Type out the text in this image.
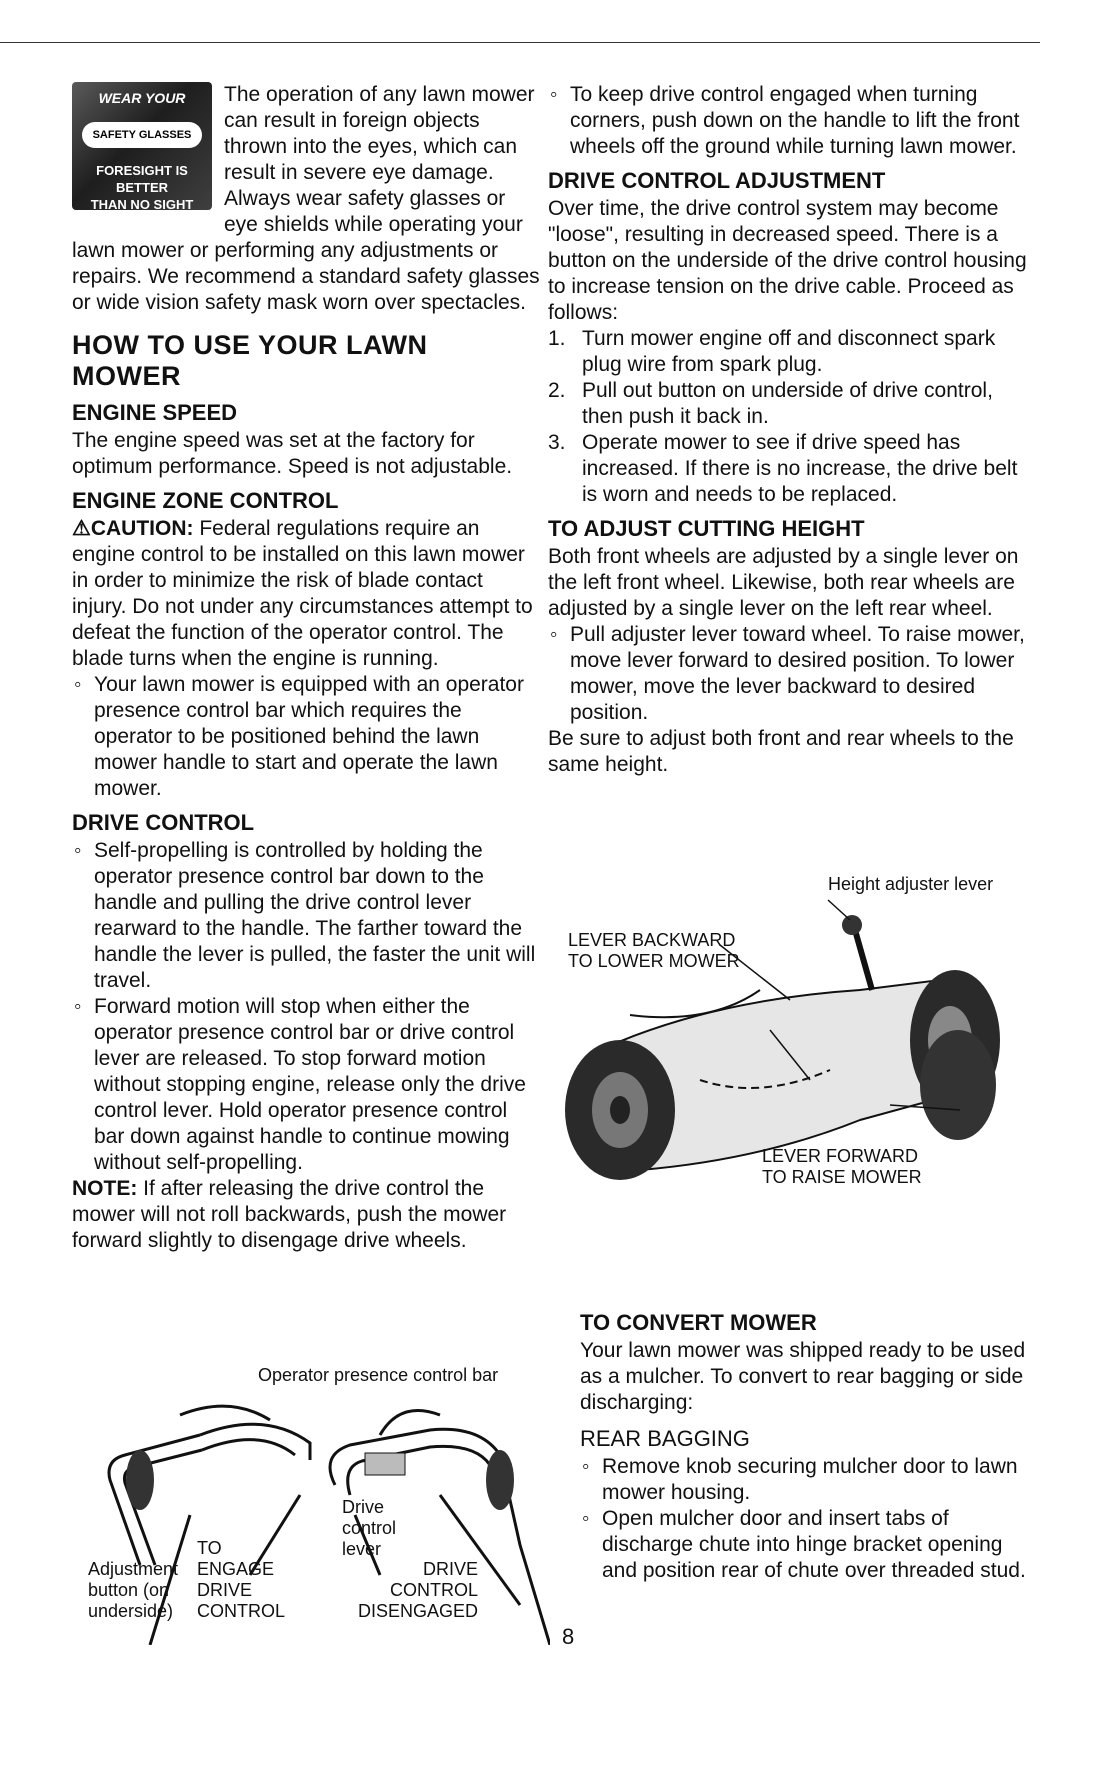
WEAR YOUR
SAFETY GLASSES
FORESIGHT IS BETTER
THAN NO SIGHT

The operation of any lawn mower can result in foreign objects thrown into the eyes, which can result in severe eye damage. Always wear safety glasses or eye shields while operating your lawn mower or performing any adjustments or repairs. We recommend a standard safety glasses or wide vision safety mask worn over spectacles.

HOW TO USE YOUR LAWN MOWER
ENGINE SPEED

The engine speed was set at the factory for optimum performance. Speed is not adjustable.

ENGINE ZONE CONTROL

⚠CAUTION: Federal regulations require an engine control to be installed on this lawn mower in order to minimize the risk of blade contact injury. Do not under any circumstances attempt to defeat the function of the operator control. The blade turns when the engine is running.

◦ Your lawn mower is equipped with an operator presence control bar which requires the operator to be positioned behind the lawn mower handle to start and operate the lawn mower.
DRIVE CONTROL
◦ Self-propelling is controlled by holding the operator presence control bar down to the handle and pulling the drive control lever rearward to the handle. The farther toward the handle the lever is pulled, the faster the unit will travel.
◦ Forward motion will stop when either the operator presence control bar or drive control lever are released. To stop forward motion without stopping engine, release only the drive control lever. Hold operator presence control bar down against handle to continue mowing without self-propelling.

NOTE: If after releasing the drive control the mower will not roll backwards, push the mower forward slightly to disengage drive wheels.

Operator presence control bar
Adjustment
button (on
underside)
TO
ENGAGE
DRIVE
CONTROL
Drive
control
lever
DRIVE
CONTROL
DISENGAGED
◦ To keep drive control engaged when turning corners, push down on the handle to lift the front wheels off the ground while turning lawn mower.
DRIVE CONTROL ADJUSTMENT

Over time, the drive control system may become "loose", resulting in decreased speed. There is a button on the underside of the drive control housing to increase tension on the drive cable. Proceed as follows:

1. Turn mower engine off and disconnect spark plug wire from spark plug.
2. Pull out button on underside of drive control, then push it back in.
3. Operate mower to see if drive speed has increased. If there is no increase, the drive belt is worn and needs to be replaced.
TO ADJUST CUTTING HEIGHT

Both front wheels are adjusted by a single lever on the left front wheel. Likewise, both rear wheels are adjusted by a single lever on the left rear wheel.

◦ Pull adjuster lever toward wheel. To raise mower, move lever forward to desired position. To lower mower, move the lever backward to desired position.

Be sure to adjust both front and rear wheels to the same height.

Height adjuster lever
LEVER BACKWARD
TO LOWER MOWER
LEVER FORWARD
TO RAISE MOWER
TO CONVERT MOWER

Your lawn mower was shipped ready to be used as a mulcher. To convert to rear bagging or side discharging:

REAR BAGGING
◦ Remove knob securing mulcher door to lawn mower housing.
◦ Open mulcher door and insert tabs of discharge chute into hinge bracket opening and position rear of chute over threaded stud.
8
